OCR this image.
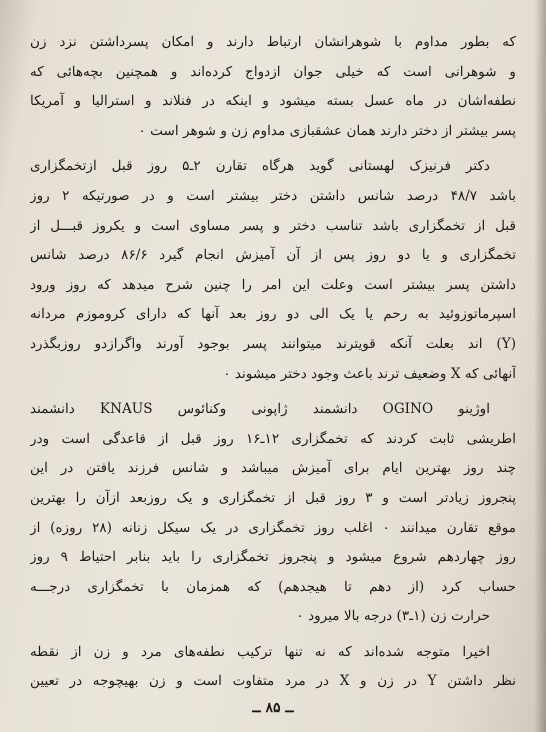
که بطور مداوم با شوهرانشان ارتباط دارند و امکان پسرداشتن نزد زن
و شوهرانی است که خیلی جوان ازدواج کرده‌اند و همچنین بچه‌هائی که
نطفه‌اشان در ماه عسل بسته میشود و اینکه در فنلاند و استرالیا و آمریکا
پسر بیشتر از دختر دارند همان عشقبازی مداوم زن و شوهر است ۰
دکتر فرنیزک لهستانی گوید هرگاه تقارن ۲ـ۵ روز قبل ازتخمگزاری
باشد ۴۸/۷ درصد شانس داشتن دختر بیشتر است و در صورتیکه ۲ روز
قبل از تخمگزاری باشد تناسب دختر و پسر مساوی است و یکروز قبـــل از
تخمگزاری و یا دو روز پس از آن آمیزش انجام گیرد ۸۶/۶ درصد شانس
داشتن پسر بیشتر است وعلت این امر را چنین شرح میدهد که روز ورود
اسپرماتوزوئید به رحم یا یک الی دو روز بعد آنها که دارای کروموزم مردانه
(Y) اند بعلت آنکه قویترند میتوانند پسر بوجود آورند واگرازدو روزبگذرد
آنهائی که X وضعیف ترند باعث وجود دختر میشوند ۰
اوژینو OGINO دانشمند ژاپونی وکنائوس KNAUS دانشمند
اطریشی ثابت کردند که تخمگزاری ۱۲ـ۱۶ روز قبل از قاعدگی است ودر
چند روز بهترین ایام برای آمیزش میباشد و شانس فرزند یافتن در این
پنجروز زیادتر است و ۳ روز قبل از تخمگزاری و یک روزبعد ازآن را بهترین
موقع تقارن میدانند ۰ اغلب روز تخمگزاری در یک سیکل زنانه (۲۸ روزه) از
روز چهاردهم شروع میشود و پنجروز تخمگزاری را باید بنابر احتیاط ۹ روز
حساب کرد (از دهم تا هیجدهم) که همزمان با تخمگزاری درجـــه
حرارت زن (۱ـ۳) درجه بالا میرود ۰
اخیرا متوجه شده‌اند که نه تنها ترکیب نطفه‌های مرد و زن از نقطه
نظر داشتن Y در زن و X در مرد متفاوت است و زن بهیچوجه در تعیین
ــ ۸۵ ــ
